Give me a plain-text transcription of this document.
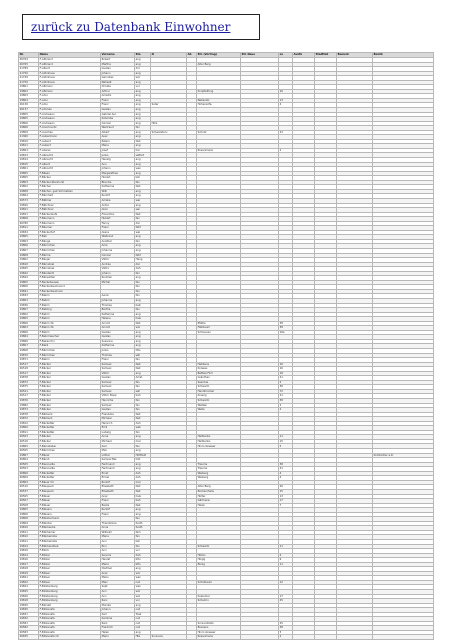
zurück zu Datenbank Einwohner
Nr.	Name	Vorname	Sta	N	Ab	Str. (Vortrag)	Str. Neue	ex	Ausfü	Stadtteil	Bemerk	Bezirk
26764	F-Allbrand	Robert	ang									
26765	F-Allbrand	Martha	ang			Alter Berg						
21789	F-Albert	Gustav	dol									
21750	F-Aldinhaus	Johann	ang									
21749	F-Aldinhaus	Gernotes	wor									
21750	F-Aldinhaus	Nahseit	ang									
19801	F-Altmann	Christa	vor									
19802	F-Altmann	Arthur	ang			Knüpfelfung		16				
19803	F-Amo	Amadis	ang									
19804	F-Amo	Franz	ang			Nebenstr.		13				
26136	F-Amo	Franz	ang	Suter		Hohensöfe.		4				
26137	F-Ammen	Gustav	ang									
19805	F-Andreaen	Gabriel Aul.	ang									
19805	F-Andreaen	Kahoribe	ang									
19806	F-Andreaen	Carnier	ang	Hüls								
19806	F-Anschnurtz	Wertraud	fan									
19809	F-Auschau	Albert	ang	Schwelstern		Schutz		23				
21360	F-Aubermann	Auer	ang									
19810	F-Aubert	Peters	fast									
19811	F-Aubert	Marie	ang									
19804	F-Aberer	Josef	hal			Rosenmarie		2				
19813	F-Albrecht	Julius	seffert									
19814	F-Albrecht	Herwig	ang									
19815	F-Albert	Anu	ang									
19801	F-Albrecht	Johann	wen									
19805	F-Bäsen	Margarethes	ang									
19805	F-Bäcker	Hubert	kat									
19803	F-Bäcker-Stenhorst	Blondie	fan									
19802	F-Bächer	Katharina	fast									
19808	F-Bächer, geb Schmetzen	Willi	ang									
19804	F-Bärnhelt	Rudolf	ang									
26573	F-Bätmer	Amalie	wai									
19820	F-Bätchner	Anton	ang									
19821	F-Bätchner	Aloin	sen									
19821	F-Bäckerlaufe	Florentius	fast									
19808	F-Bäumann	Hubart	fan									
26780	F-Bäumann	Fanny	dar									
19811	F-Bäumer	Franz	fatd									
19834	F-Bäckerhof	Aiana	wai									
19805	F-Bali	Waltrand	ang									
19803	F-Bänge	Anathal	fan									
19806	F-Bärmchen	Ama	ang									
19807	F-Bärmchen	Johanna	ang									
19808	F-Bärme	Carnier	fatd									
19802	F-Bänjer	Viktor	Hang									
19810	F-Bärnstoel	Andras	dar									
19845	F-Bärnstoel	Viktro	dah									
19842	F-Bärsteidt	Johann	fan									
19844	F-Bärwaltier	Rudolan	ang									
19805	F-Beckehausen	Michal	fan									
19806	F-Beckerbaumannd		fan									
19841	F-Beckerbaumann		fan									
19833	F-Bebm	Aaron	fan									
19803	F-Bebm	Johanna	ang									
19836	F-Bebm	Thomas	beln									
19807	F-Betzing	Bertha	fan									
19802	F-Bebm	Katharina	ang									
19805	F-Bebm	Helene	hals									
19806	F-Bebm 3b	Arnold	fast			Pfähle		38				
19803	F-Bebm 3b	Arnold	wol			Falkbaum		38				
19806	F-Bebm	Gustav	ang			Schleusen		16a				
19864	F-Bebrmescher	Gustav	ang									
19866	F-Bekanchn	Susanne	ang									
19807	F-Bekk	Katharina	ang									
19808	F-Bärmchen	Julius	Dhs									
19870	F-Bärmchen	Thomas	seh									
19871	F-Bebm	Franz	fan									
26517	F-Bäcker	Samuel	fast			Hebbens		16				
26518	F-Bäcker	Samuel	fast			Knisses		16				
26517	F-Bäcker	Viktor	ang			Bettels Firm		18				
19878	F-Bäcker	Gustav	Amst			Gräuthen		21				
19873	F-Bäcker	Samuel	fan			Seschas		2				
19875	F-Bäcker	Samuel	fan			Schwelm		36				
26521	F-Bäcker	Samuel	seh			Handbrücker		72				
26517	F-Bäcker	Viktor Bopp	bah			Knaulg		21				
19876	F-Bäcker	Henriche	fan			Schwelm		38				
19882	F-Bäcker	Samuel	fan			Weißen		2				
19873	F-Bäcker	Gustav	fan			Welle		2				
19878	F-Bärbeck	Franziska	fast									
19872	F-Bärbeck	Michael	fast									
19812	F-Bäcketter	Heinrich	dah									
19800	F-Bäcketter	Emil	wak									
19811	F-Bäcketter	Ludwig	fan									
26503	F-Bäcker	Anna	ang			Hellbanks		11				
26516	F-Bäcker	Michael	mal			Hellbanks		15				
19805	F-Bärnstaber	Karl	fan			Hinro Greeser		5				
26505	F-Bärmchen	Max	ang									
19807	F-Bäuer	Lothar	Hüttfeld									Kombirdler a.D.
26804	F-Bärsh	Samuel Bar.	hild									
26505	F-Biennadle	Ferdinand	ang			Traume		38				
26503	F-Biennadle	Ferdinand	ang			Traume		41				
26806	F-Bäcketter	Ernst	dah			Weiberg		4				
26809	F-Bäcketter	Emrel	dah			Weiberg		4				
26804	F-Bäuer Ch	Rudolf	mal									
26510	F-Blaupeck	Elisabeth	fast			Alter Berg		26				
26537	F-Blaupeck	Elisabeth	fast			Rücken/helis		15				
26505	F-Bläuer	Anar	hals			Hülter		13				
26507	F-Bläuer	Franz	bah			Gärtnerei		17				
26508	F-Bläuer	Beeta	fast			Helen		7				
19805	F-Bläuers	Rudolf	ang									
19806	F-Bläuers	Franz	ang									
19808	F-Bläuhermann		fan									
19809	F-Bländer	Theodolinie	fuath									
19810	F-Bläckenbe	Anna	fuath									
19811	F-Blärhamer	Wilhelm	fam									
19810	F-Bläckeristie	Maria	fan									
19811	F-Bläckeristie	Ann	kat									
19814	F-Bläckenstieb	Rini	fan			Schweim		11				
19816	F-Blöck	Ann	vor									
19814	F-Blözer	Servois	dah			Hüten		4				
19816	F-Blözer	Herzat	bHs			Hügig		9				
19817	F-Blözer	Marie	bHs			Ebnig		11				
19818	F-Blöser	Dietmel	ang									
19819	F-Blöser	Anar	wor									
19821	F-Blöser	Maris	wan									
19822	F-Blöser	Marc	nat			Schülbaum		12				
19824	F-Blöstenberg	Sept	wan									
19825	F-Blöstenberg	Ann	wol									
19826	F-Blöstenberg	Ann	wol			Kuelemer		17				
19818	F-Blöstenberg	Rani	vor			Schelmn		25				
19830	F-Blöneti	Monika	ang									
19830	F-Blözenafe	Johann	nat									
19831	F-Blözenafe	Karl	Toek									
19832	F-Blözenafe	Karoline	nat									
26581	F-Blözenafe	Rani	nat			Sonnenfelds		25				
26582	F-Blözenafe	Friedrich	nat			Bussens		38				
26583	F-Blözenafe	Helen	ang			Hinro Greeser		5				
26835	F-Blözenafe Ch	Mario	Hta	Sonnens		Rosenmarie		2				
